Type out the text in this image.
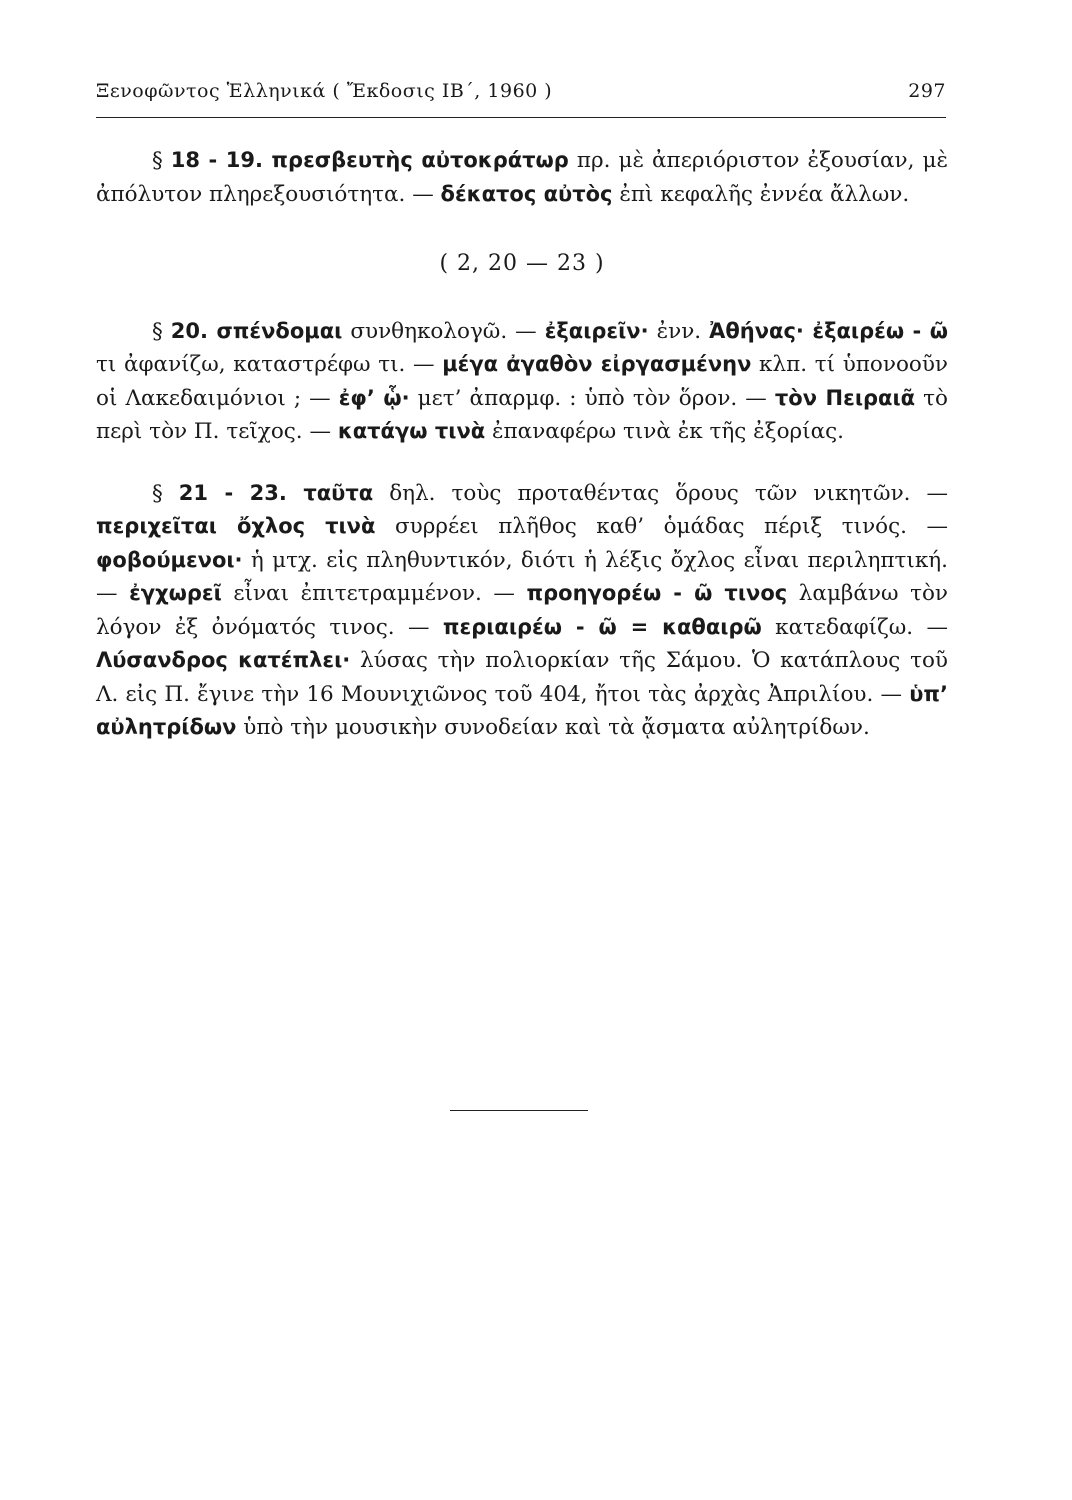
Ξενοφῶντος Ἑλληνικά ( Ἔκδοσις ΙΒ΄, 1960 )	297

§ 18 - 19. πρεσβευτὴς αὐτοκράτωρ πρ. μὲ ἀπεριόριστον ἐξουσίαν, μὲ ἀπόλυτον πληρεξουσιότητα. — δέκατος αὐτὸς ἐπὶ κεφαλῆς ἐννέα ἄλλων.

( 2, 20 — 23 )

§ 20. σπένδομαι συνθηκολογῶ. — ἐξαιρεῖν· ἐνν. Ἀθήνας· ἐξαιρέω - ῶ τι ἀφανίζω, καταστρέφω τι. — μέγα ἀγαθὸν εἰργασμένην κλπ. τί ὑπονοοῦν οἱ Λακεδαιμόνιοι ; — ἐφ’ ᾧ· μετ’ ἀπαρμφ. : ὑπὸ τὸν ὅρον. — τὸν Πειραιᾶ τὸ περὶ τὸν Π. τεῖχος. — κατάγω τινὰ ἐπαναφέρω τινὰ ἐκ τῆς ἐξορίας.

§ 21 - 23. ταῦτα δηλ. τοὺς προταθέντας ὅρους τῶν νικητῶν. — περιχεῖται ὄχλος τινὰ συρρέει πλῆθος καθ’ ὁμάδας πέριξ τινός. — φοβούμενοι· ἡ μτχ. εἰς πληθυντικόν, διότι ἡ λέξις ὄχλος εἶναι περιληπτική. — ἐγχωρεῖ εἶναι ἐπιτετραμμένον. — προηγορέω - ῶ τινος λαμβάνω τὸν λόγον ἐξ ὀνόματός τινος. — περιαιρέω - ῶ = καθαιρῶ κατεδαφίζω. — Λύσανδρος κατέπλει· λύσας τὴν πολιορκίαν τῆς Σάμου. Ὁ κατάπλους τοῦ Λ. εἰς Π. ἔγινε τὴν 16 Μουνιχιῶνος τοῦ 404, ἤτοι τὰς ἀρχὰς Ἀπριλίου. — ὑπ’ αὐλητρίδων ὑπὸ τὴν μουσικὴν συνοδείαν καὶ τὰ ᾄσματα αὐλητρίδων.
